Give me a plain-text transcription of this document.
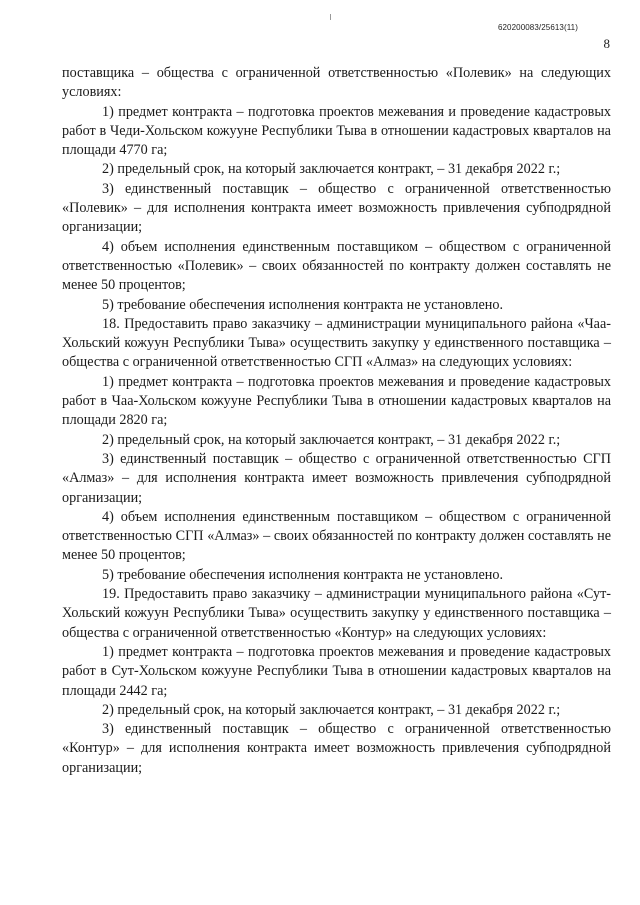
620200083/25613(11)
8

поставщика – общества с ограниченной ответственностью «Полевик» на следующих условиях:

1) предмет контракта – подготовка проектов межевания и проведение кадастровых работ в Чеди-Хольском кожууне Республики Тыва в отношении кадастровых кварталов на площади 4770 га;

2) предельный срок, на который заключается контракт, – 31 декабря 2022 г.;

3) единственный поставщик – общество с ограниченной ответственностью «Полевик» – для исполнения контракта имеет возможность привлечения субподрядной организации;

4) объем исполнения единственным поставщиком – обществом с ограниченной ответственностью «Полевик» – своих обязанностей по контракту должен составлять не менее 50 процентов;

5) требование обеспечения исполнения контракта не установлено.

18. Предоставить право заказчику – администрации муниципального района «Чаа-Хольский кожуун Республики Тыва» осуществить закупку у единственного поставщика – общества с ограниченной ответственностью СГП «Алмаз» на следующих условиях:

1) предмет контракта – подготовка проектов межевания и проведение кадастровых работ в Чаа-Хольском кожууне Республики Тыва в отношении кадастровых кварталов на площади 2820 га;

2) предельный срок, на который заключается контракт, – 31 декабря 2022 г.;

3) единственный поставщик – общество с ограниченной ответственностью СГП «Алмаз» – для исполнения контракта имеет возможность привлечения субподрядной организации;

4) объем исполнения единственным поставщиком – обществом с ограниченной ответственностью СГП «Алмаз» – своих обязанностей по контракту должен составлять не менее 50 процентов;

5) требование обеспечения исполнения контракта не установлено.

19. Предоставить право заказчику – администрации муниципального района «Сут-Хольский кожуун Республики Тыва» осуществить закупку у единственного поставщика – общества с ограниченной ответственностью «Контур» на следующих условиях:

1) предмет контракта – подготовка проектов межевания и проведение кадастровых работ в Сут-Хольском кожууне Республики Тыва в отношении кадастровых кварталов на площади 2442 га;

2) предельный срок, на который заключается контракт, – 31 декабря 2022 г.;

3) единственный поставщик – общество с ограниченной ответственностью «Контур» – для исполнения контракта имеет возможность привлечения субподрядной организации;
